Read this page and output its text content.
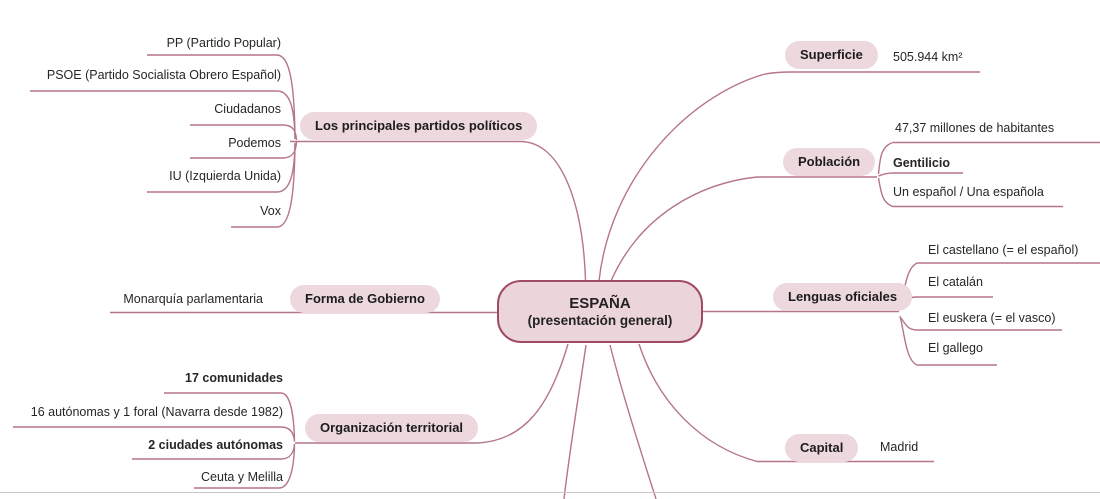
ESPAÑA
(presentación general)
Los principales partidos políticos
Forma de Gobierno
Organización territorial
Superficie
Población
Lenguas oficiales
Capital
PP (Partido Popular)
PSOE (Partido Socialista Obrero Español)
Ciudadanos
Podemos
IU (Izquierda Unida)
Vox
Monarquía parlamentaria
17 comunidades
16 autónomas y 1 foral (Navarra desde 1982)
2 ciudades autónomas
Ceuta y Melilla
505.944 km²
47,37 millones de habitantes
Gentilicio
Un español / Una española
El castellano (= el español)
El catalán
El euskera (= el vasco)
El gallego
Madrid
